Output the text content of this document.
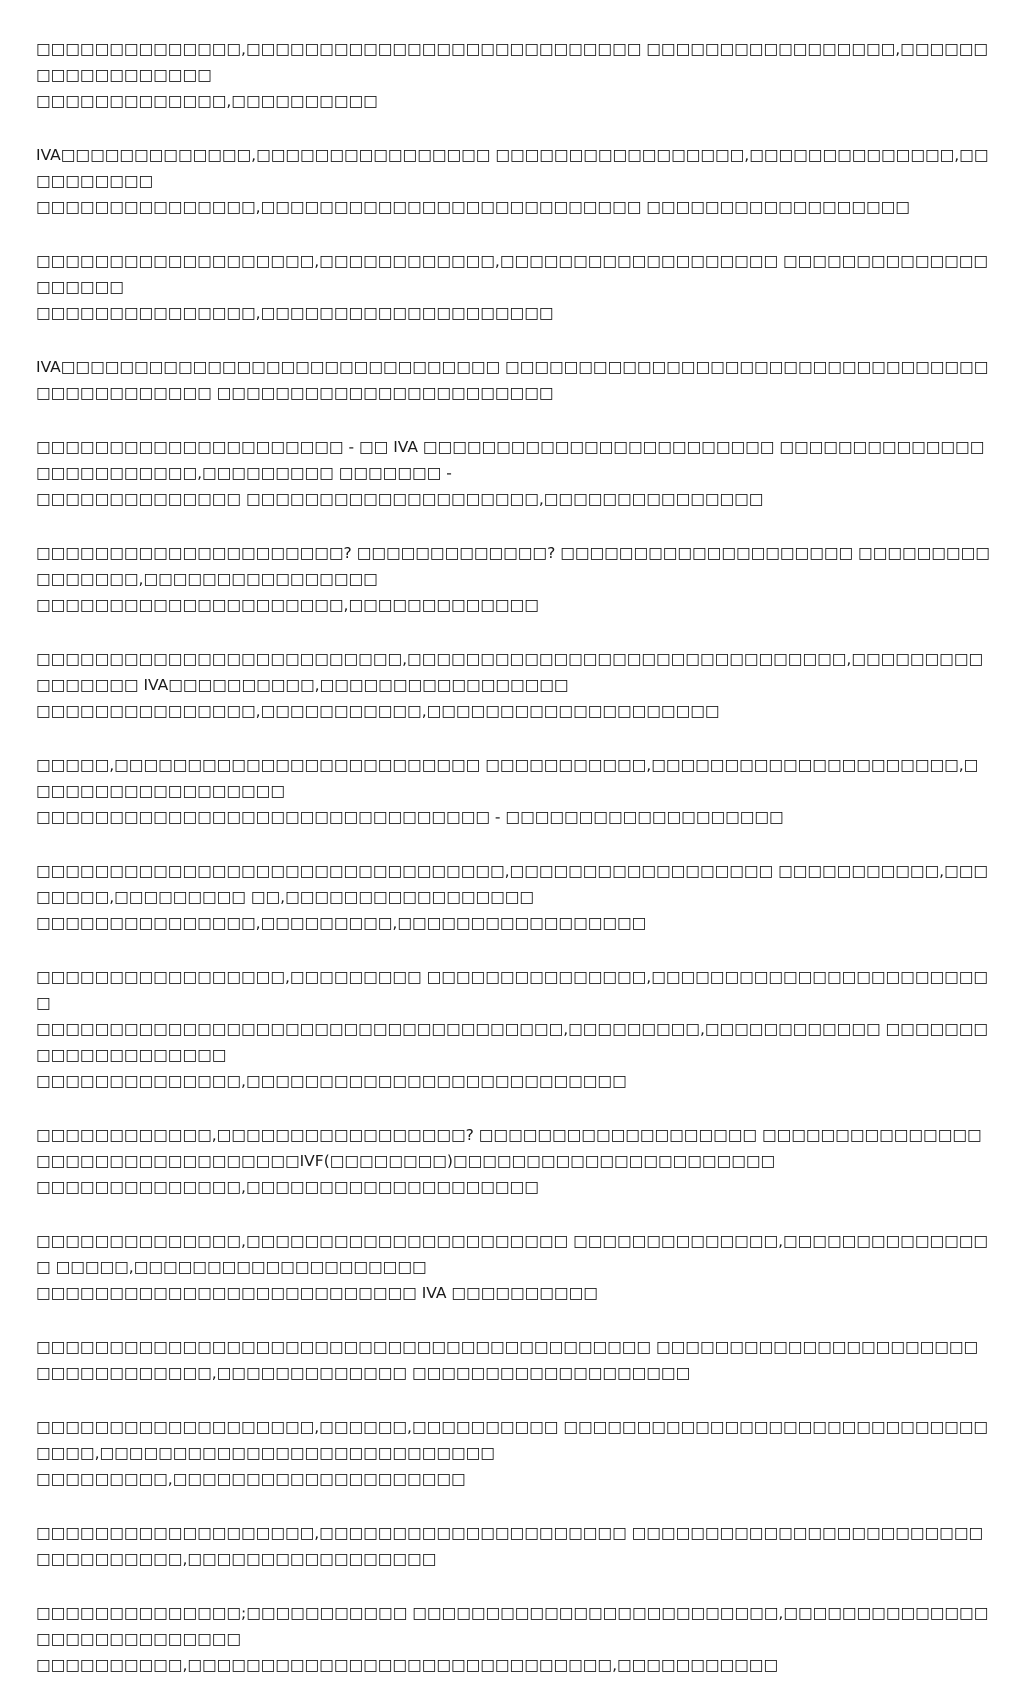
□□□□□□□□□□□□□□,□□□□□□□□□□□□□□□□□□□□□□□□□□□ □□□□□□□□□□□□□□□□□,□□□□□□□□□□□□□□□□□□
□□□□□□□□□□□□□,□□□□□□□□□□

IVA□□□□□□□□□□□□□,□□□□□□□□□□□□□□□□ □□□□□□□□□□□□□□□□□,□□□□□□□□□□□□□□,□□□□□□□□□□
□□□□□□□□□□□□□□□,□□□□□□□□□□□□□□□□□□□□□□□□□□ □□□□□□□□□□□□□□□□□□

□□□□□□□□□□□□□□□□□□□,□□□□□□□□□□□□,□□□□□□□□□□□□□□□□□□□ □□□□□□□□□□□□□□□□□□□□
□□□□□□□□□□□□□□□,□□□□□□□□□□□□□□□□□□□□

IVA□□□□□□□□□□□□□□□□□□□□□□□□□□□□□□ □□□□□□□□□□□□□□□□□□□□□□□□□□□□□□□□□□□□□□□□□□□□□ □□□□□□□□□□□□□□□□□□□□□□□

□□□□□□□□□□□□□□□□□□□□□ - □□ IVA □□□□□□□□□□□□□□□□□□□□□□□□ □□□□□□□□□□□□□□□□□□□□□□□□□,□□□□□□□□□ □□□□□□□ -
□□□□□□□□□□□□□□ □□□□□□□□□□□□□□□□□□□□,□□□□□□□□□□□□□□□

□□□□□□□□□□□□□□□□□□□□□? □□□□□□□□□□□□□? □□□□□□□□□□□□□□□□□□□□ □□□□□□□□□□□□□□□□,□□□□□□□□□□□□□□□□
□□□□□□□□□□□□□□□□□□□□□,□□□□□□□□□□□□□

□□□□□□□□□□□□□□□□□□□□□□□□□,□□□□□□□□□□□□□□□□□□□□□□□□□□□□□□,□□□□□□□□□□□□□□□□ IVA□□□□□□□□□□,□□□□□□□□□□□□□□□□□
□□□□□□□□□□□□□□□,□□□□□□□□□□□,□□□□□□□□□□□□□□□□□□□□

□□□□□,□□□□□□□□□□□□□□□□□□□□□□□□□ □□□□□□□□□□□,□□□□□□□□□□□□□□□□□□□□□,□□□□□□□□□□□□□□□□□□
□□□□□□□□□□□□□□□□□□□□□□□□□□□□□□□ - □□□□□□□□□□□□□□□□□□□

□□□□□□□□□□□□□□□□□□□□□□□□□□□□□□□□,□□□□□□□□□□□□□□□□□□ □□□□□□□□□□□,□□□□□□□□,□□□□□□□□□ □□,□□□□□□□□□□□□□□□□□
□□□□□□□□□□□□□□□,□□□□□□□□□,□□□□□□□□□□□□□□□□□

□□□□□□□□□□□□□□□□□,□□□□□□□□□ □□□□□□□□□□□□□□□,□□□□□□□□□□□□□□□□□□□□□□□□
□□□□□□□□□□□□□□□□□□□□□□□□□□□□□□□□□□□□,□□□□□□□□□,□□□□□□□□□□□□ □□□□□□□□□□□□□□□□□□□□
□□□□□□□□□□□□□□,□□□□□□□□□□□□□□□□□□□□□□□□□□

□□□□□□□□□□□□,□□□□□□□□□□□□□□□□□? □□□□□□□□□□□□□□□□□□□ □□□□□□□□□□□□□□□□□□□□□□□□□□□□□□□□□IVF(□□□□□□□□)□□□□□□□□□□□□□□□□□□□□□□
□□□□□□□□□□□□□□,□□□□□□□□□□□□□□□□□□□□

□□□□□□□□□□□□□□,□□□□□□□□□□□□□□□□□□□□□□ □□□□□□□□□□□□□□,□□□□□□□□□□□□□□□ □□□□□,□□□□□□□□□□□□□□□□□□□□
□□□□□□□□□□□□□□□□□□□□□□□□□□ IVA □□□□□□□□□□

□□□□□□□□□□□□□□□□□□□□□□□□□□□□□□□□□□□□□□□□□□ □□□□□□□□□□□□□□□□□□□□□□□□□□□□□□□□□□,□□□□□□□□□□□□□ □□□□□□□□□□□□□□□□□□□

□□□□□□□□□□□□□□□□□□□,□□□□□□,□□□□□□□□□□ □□□□□□□□□□□□□□□□□□□□□□□□□□□□□□□□□,□□□□□□□□□□□□□□□□□□□□□□□□□□□
□□□□□□□□□,□□□□□□□□□□□□□□□□□□□□

□□□□□□□□□□□□□□□□□□□,□□□□□□□□□□□□□□□□□□□□□ □□□□□□□□□□□□□□□□□□□□□□□□□□□□□□□□□□,□□□□□□□□□□□□□□□□□

□□□□□□□□□□□□□□;□□□□□□□□□□□ □□□□□□□□□□□□□□□□□□□□□□□□□,□□□□□□□□□□□□□□□□□□□□□□□□□□□□
□□□□□□□□□□,□□□□□□□□□□□□□□□□□□□□□□□□□□□□□,□□□□□□□□□□□
